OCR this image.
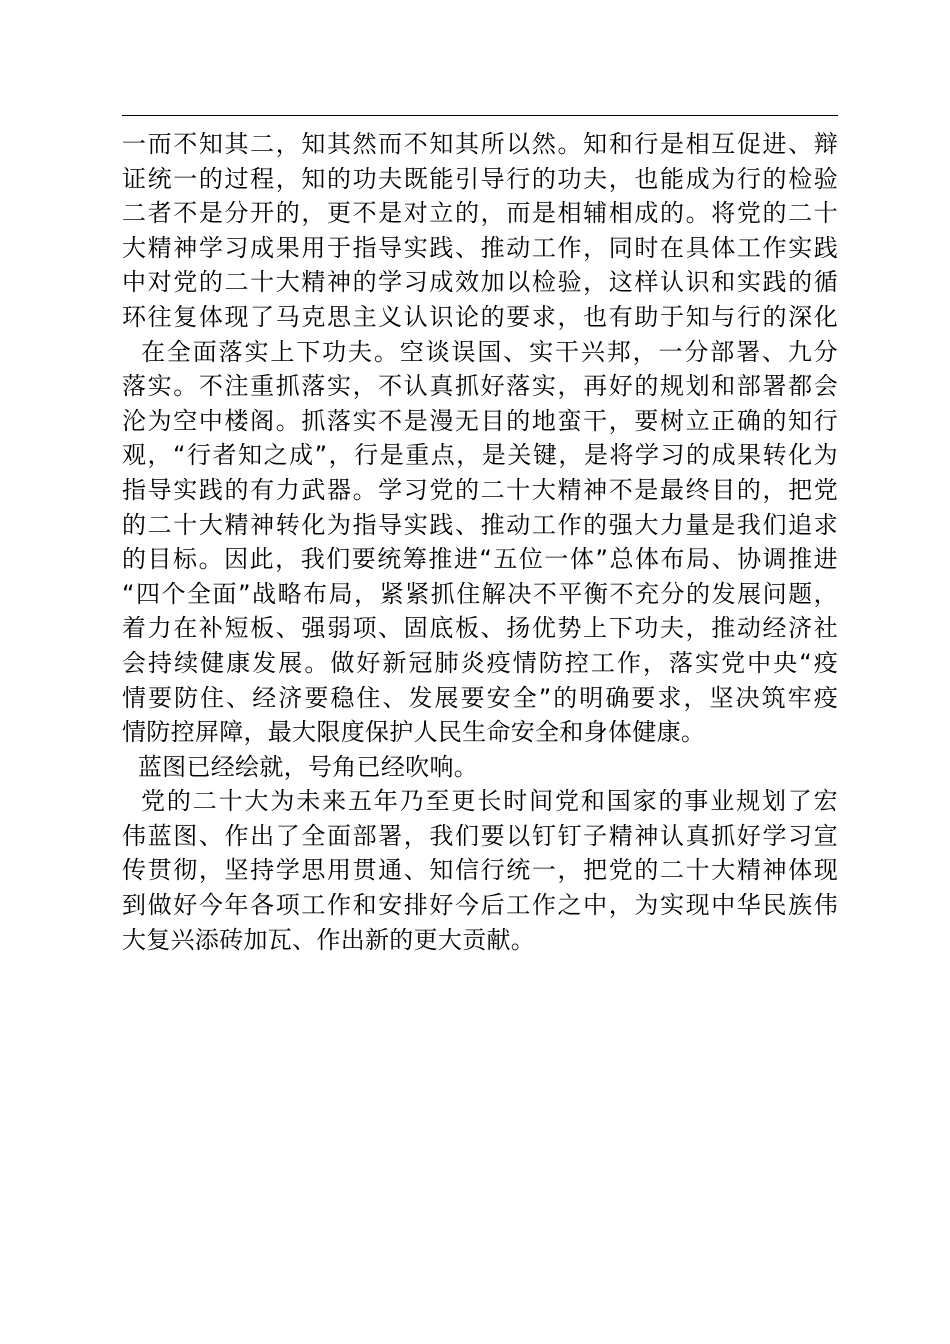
一而不知其二，知其然而不知其所以然。知和行是相互促进、辩
证统一的过程，知的功夫既能引导行的功夫，也能成为行的检验
二者不是分开的，更不是对立的，而是相辅相成的。将党的二十
大精神学习成果用于指导实践、推动工作，同时在具体工作实践
中对党的二十大精神的学习成效加以检验，这样认识和实践的循
环往复体现了马克思主义认识论的要求，也有助于知与行的深化
在全面落实上下功夫。空谈误国、实干兴邦，一分部署、九分
落实。不注重抓落实，不认真抓好落实，再好的规划和部署都会
沦为空中楼阁。抓落实不是漫无目的地蛮干，要树立正确的知行
观，“行者知之成”，行是重点，是关键，是将学习的成果转化为
指导实践的有力武器。学习党的二十大精神不是最终目的，把党
的二十大精神转化为指导实践、推动工作的强大力量是我们追求
的目标。因此，我们要统筹推进“五位一体”总体布局、协调推进
“四个全面”战略布局，紧紧抓住解决不平衡不充分的发展问题，
着力在补短板、强弱项、固底板、扬优势上下功夫，推动经济社
会持续健康发展。做好新冠肺炎疫情防控工作，落实党中央“疫
情要防住、经济要稳住、发展要安全”的明确要求，坚决筑牢疫
情防控屏障，最大限度保护人民生命安全和身体健康。
蓝图已经绘就，号角已经吹响。
党的二十大为未来五年乃至更长时间党和国家的事业规划了宏
伟蓝图、作出了全面部署，我们要以钉钉子精神认真抓好学习宣
传贯彻，坚持学思用贯通、知信行统一，把党的二十大精神体现
到做好今年各项工作和安排好今后工作之中，为实现中华民族伟
大复兴添砖加瓦、作出新的更大贡献。
